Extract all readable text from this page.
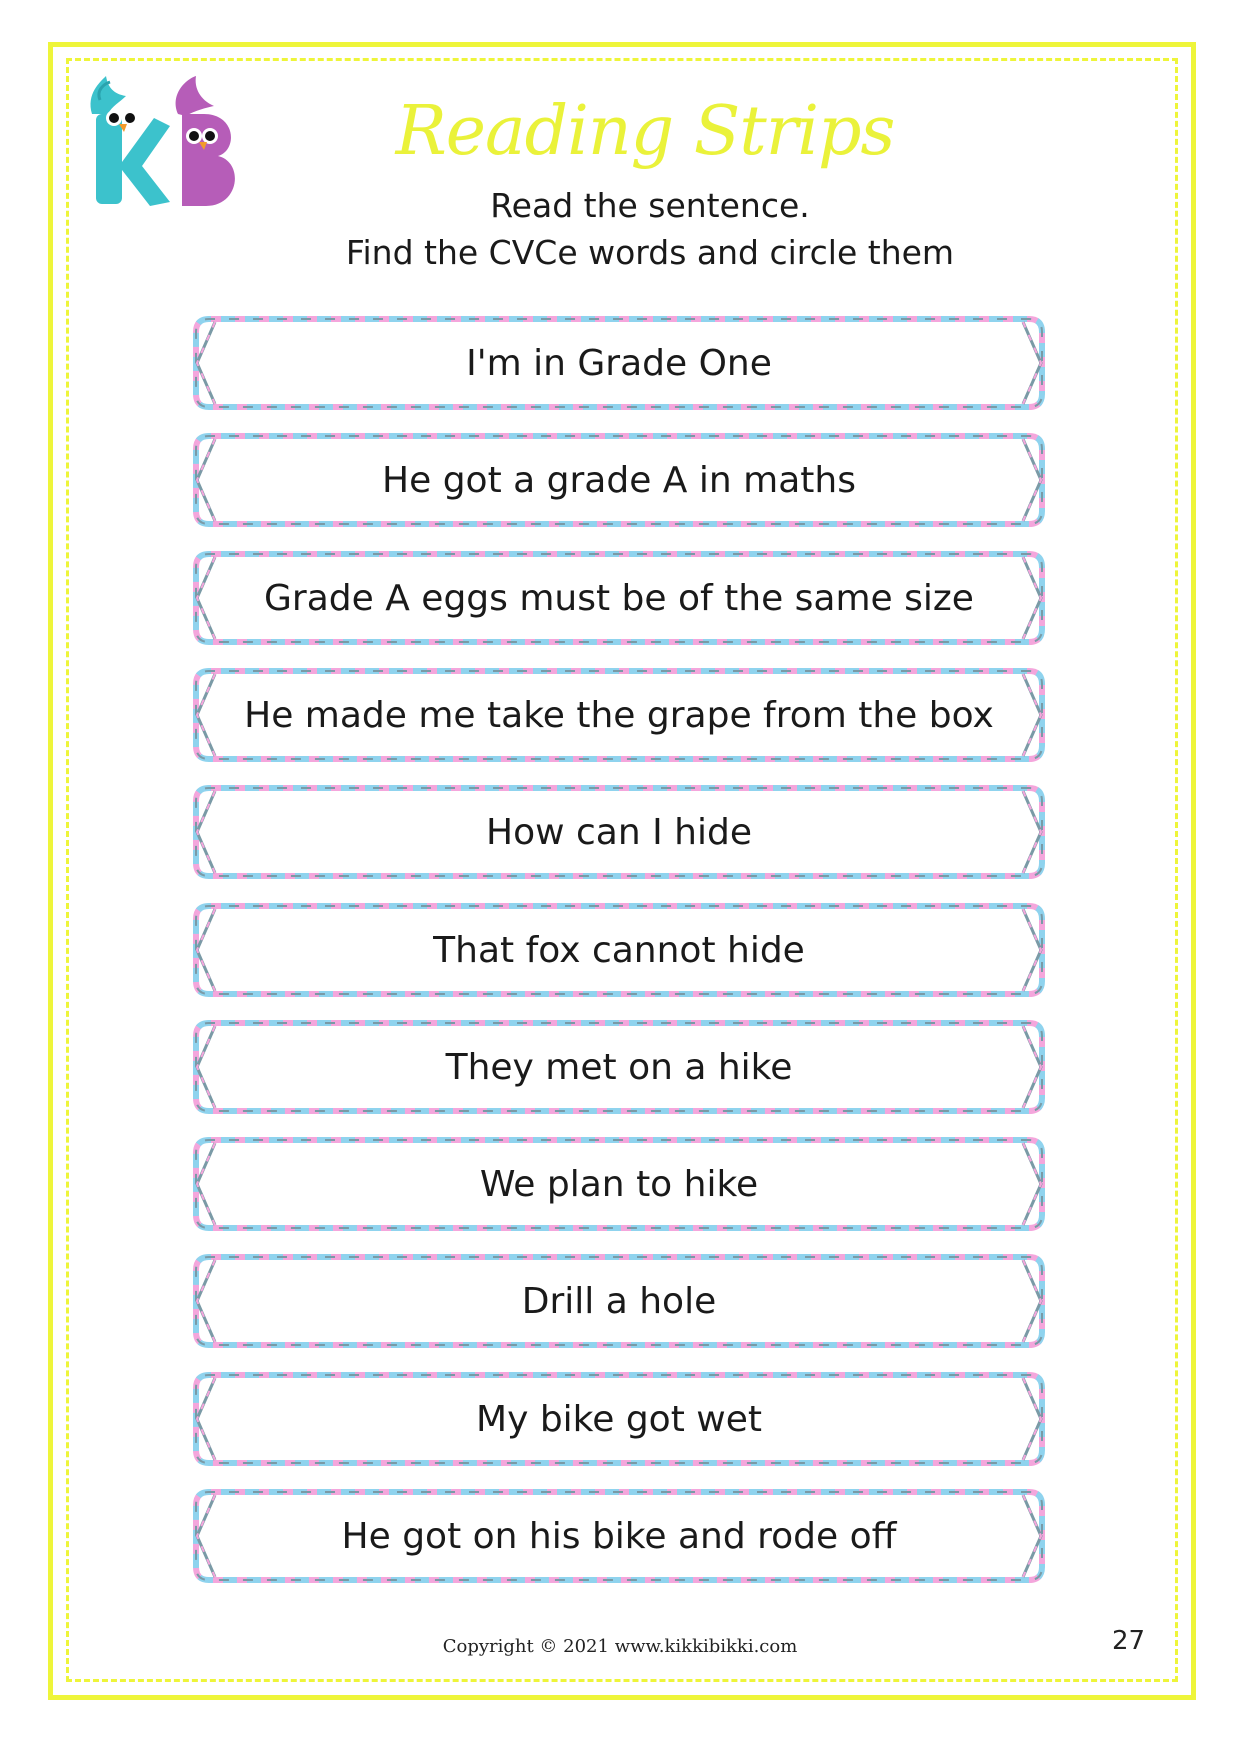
Reading Strips
Read the sentence.
Find the CVCe words and circle them
I'm in Grade One
He got a grade A in maths
Grade A eggs must be of the same size
He made me take the grape from the box
How can I hide
That fox cannot hide
They met on a hike
We plan to hike
Drill a hole
My bike got wet
He got on his bike and rode off
Copyright © 2021 www.kikkibikki.com	27
